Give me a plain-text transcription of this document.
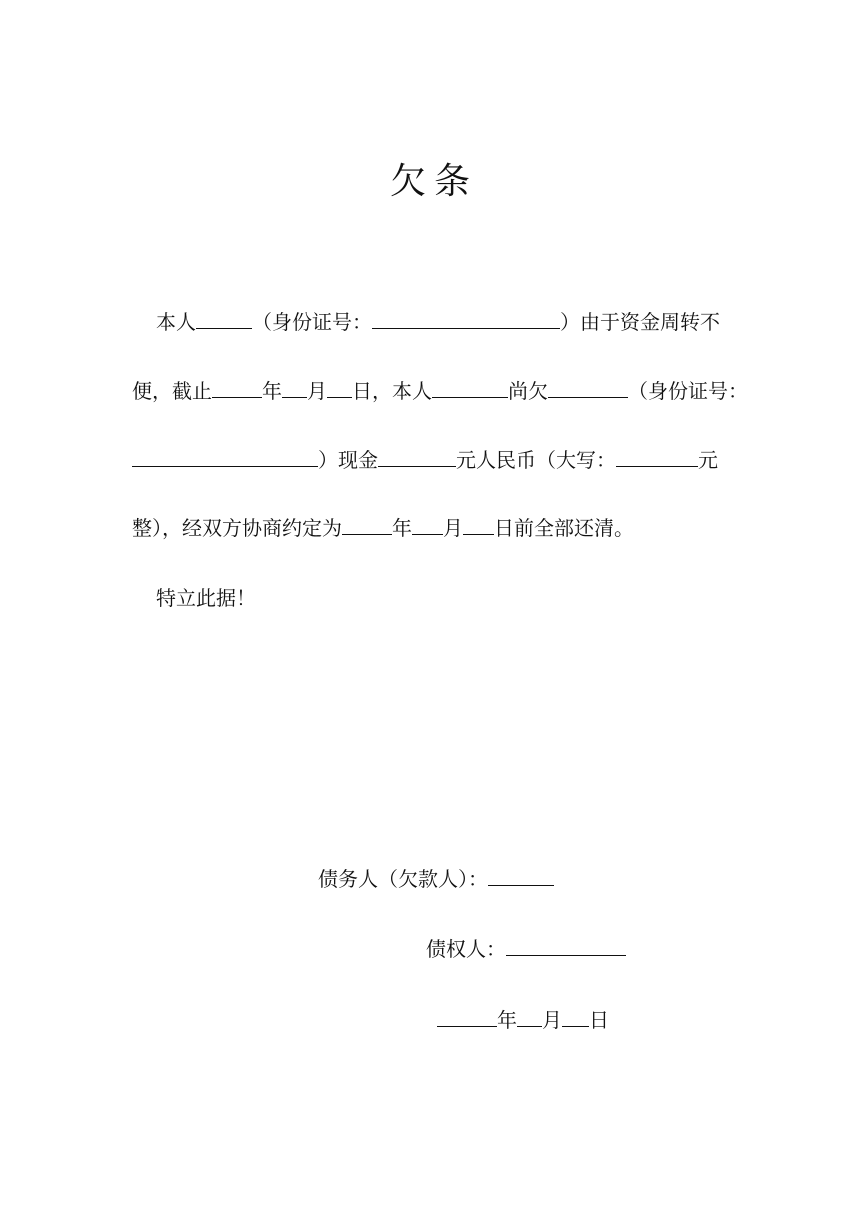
欠条
本人	（身份证号：	）由于资金周转不
便，截止	年 月 日，本人	尚欠	（身份证号：
）现金	元人民币（大写：	元
整），经双方协商约定为	年 月 日前全部还清。
特立此据！
债务人（欠款人）：
债权人：
年 月 日
